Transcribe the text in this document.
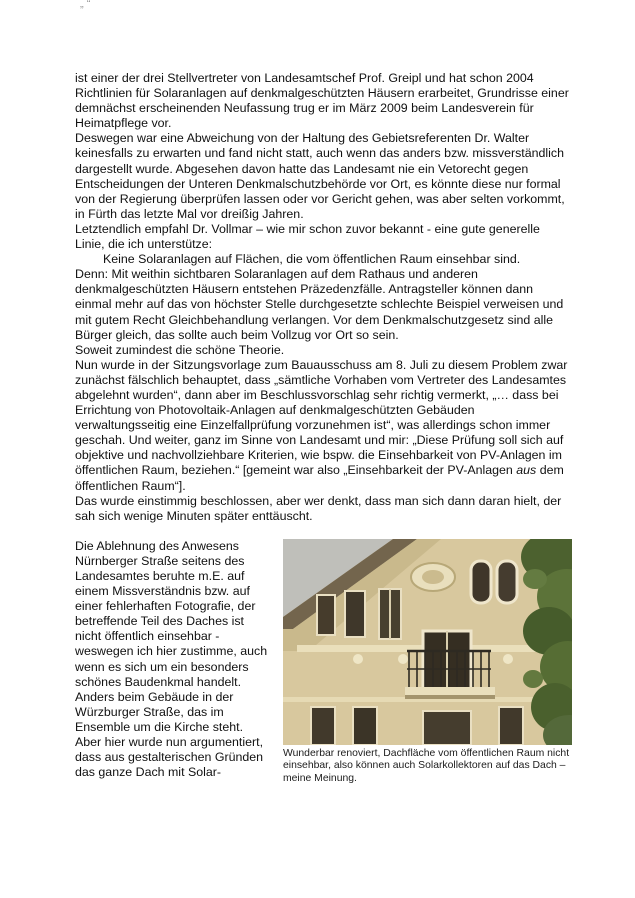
„ “

ist einer der drei Stellvertreter von Landesamtschef Prof. Greipl und hat schon 2004 Richtlinien für Solaranlagen auf denkmalgeschützten Häusern erarbeitet, Grundrisse einer demnächst erscheinenden Neufassung trug er im März 2009 beim Landesverein für Heimatpflege vor.

Deswegen war eine Abweichung von der Haltung des Gebietsreferenten Dr. Walter keinesfalls zu erwarten und fand nicht statt, auch wenn das anders bzw. missverständlich dargestellt wurde. Abgesehen davon hatte das Landesamt nie ein Vetorecht gegen Entscheidungen der Unteren Denkmalschutzbehörde vor Ort, es könnte diese nur formal von der Regierung überprüfen lassen oder vor Gericht gehen, was aber selten vorkommt, in Fürth das letzte Mal vor dreißig Jahren.

Letztendlich empfahl Dr. Vollmar – wie mir schon zuvor bekannt - eine gute generelle Linie, die ich unterstütze:

Keine Solaranlagen auf Flächen, die vom öffentlichen Raum einsehbar sind.

Denn: Mit weithin sichtbaren Solaranlagen auf dem Rathaus und anderen denkmalgeschützten Häusern entstehen Präzedenzfälle. Antragsteller können dann einmal mehr auf das von höchster Stelle durchgesetzte schlechte Beispiel verweisen und mit gutem Recht Gleichbehandlung verlangen. Vor dem Denkmalschutzgesetz sind alle Bürger gleich, das sollte auch beim Vollzug vor Ort so sein.

Soweit zumindest die schöne Theorie.

Nun wurde in der Sitzungsvorlage zum Bauausschuss am 8. Juli zu diesem Problem zwar zunächst fälschlich behauptet, dass „sämtliche Vorhaben vom Vertreter des Landesamtes abgelehnt wurden“, dann aber im Beschlussvorschlag sehr richtig vermerkt, „… dass bei Errichtung von Photovoltaik-Anlagen auf denkmalgeschützten Gebäuden verwaltungsseitig eine Einzelfallprüfung vorzunehmen ist“, was allerdings schon immer geschah. Und weiter, ganz im Sinne von Landesamt und mir: „Diese Prüfung soll sich auf objektive und nachvollziehbare Kriterien, wie bspw. die Einsehbarkeit von PV-Anlagen im öffentlichen Raum, beziehen.“ [gemeint war also „Einsehbarkeit der PV-Anlagen aus dem öffentlichen Raum“].

Das wurde einstimmig beschlossen, aber wer denkt, dass man sich dann daran hielt, der sah sich wenige Minuten später enttäuscht.

Die Ablehnung des Anwesens Nürnberger Straße seitens des Landesamtes beruhte m.E. auf einem Missverständnis bzw. auf einer fehlerhaften Fotografie, der betreffende Teil des Daches ist nicht öffentlich einsehbar - weswegen ich hier zustimme, auch wenn es sich um ein besonders schönes Baudenkmal handelt. Anders beim Gebäude in der Würzburger Straße, das im Ensemble um die Kirche steht. Aber hier wurde nun argumentiert, dass aus gestalterischen Gründen das ganze Dach mit Solar-

Wunderbar renoviert, Dachfläche vom öffentlichen Raum nicht einsehbar, also können auch Solarkollektoren auf das Dach – meine Meinung.
